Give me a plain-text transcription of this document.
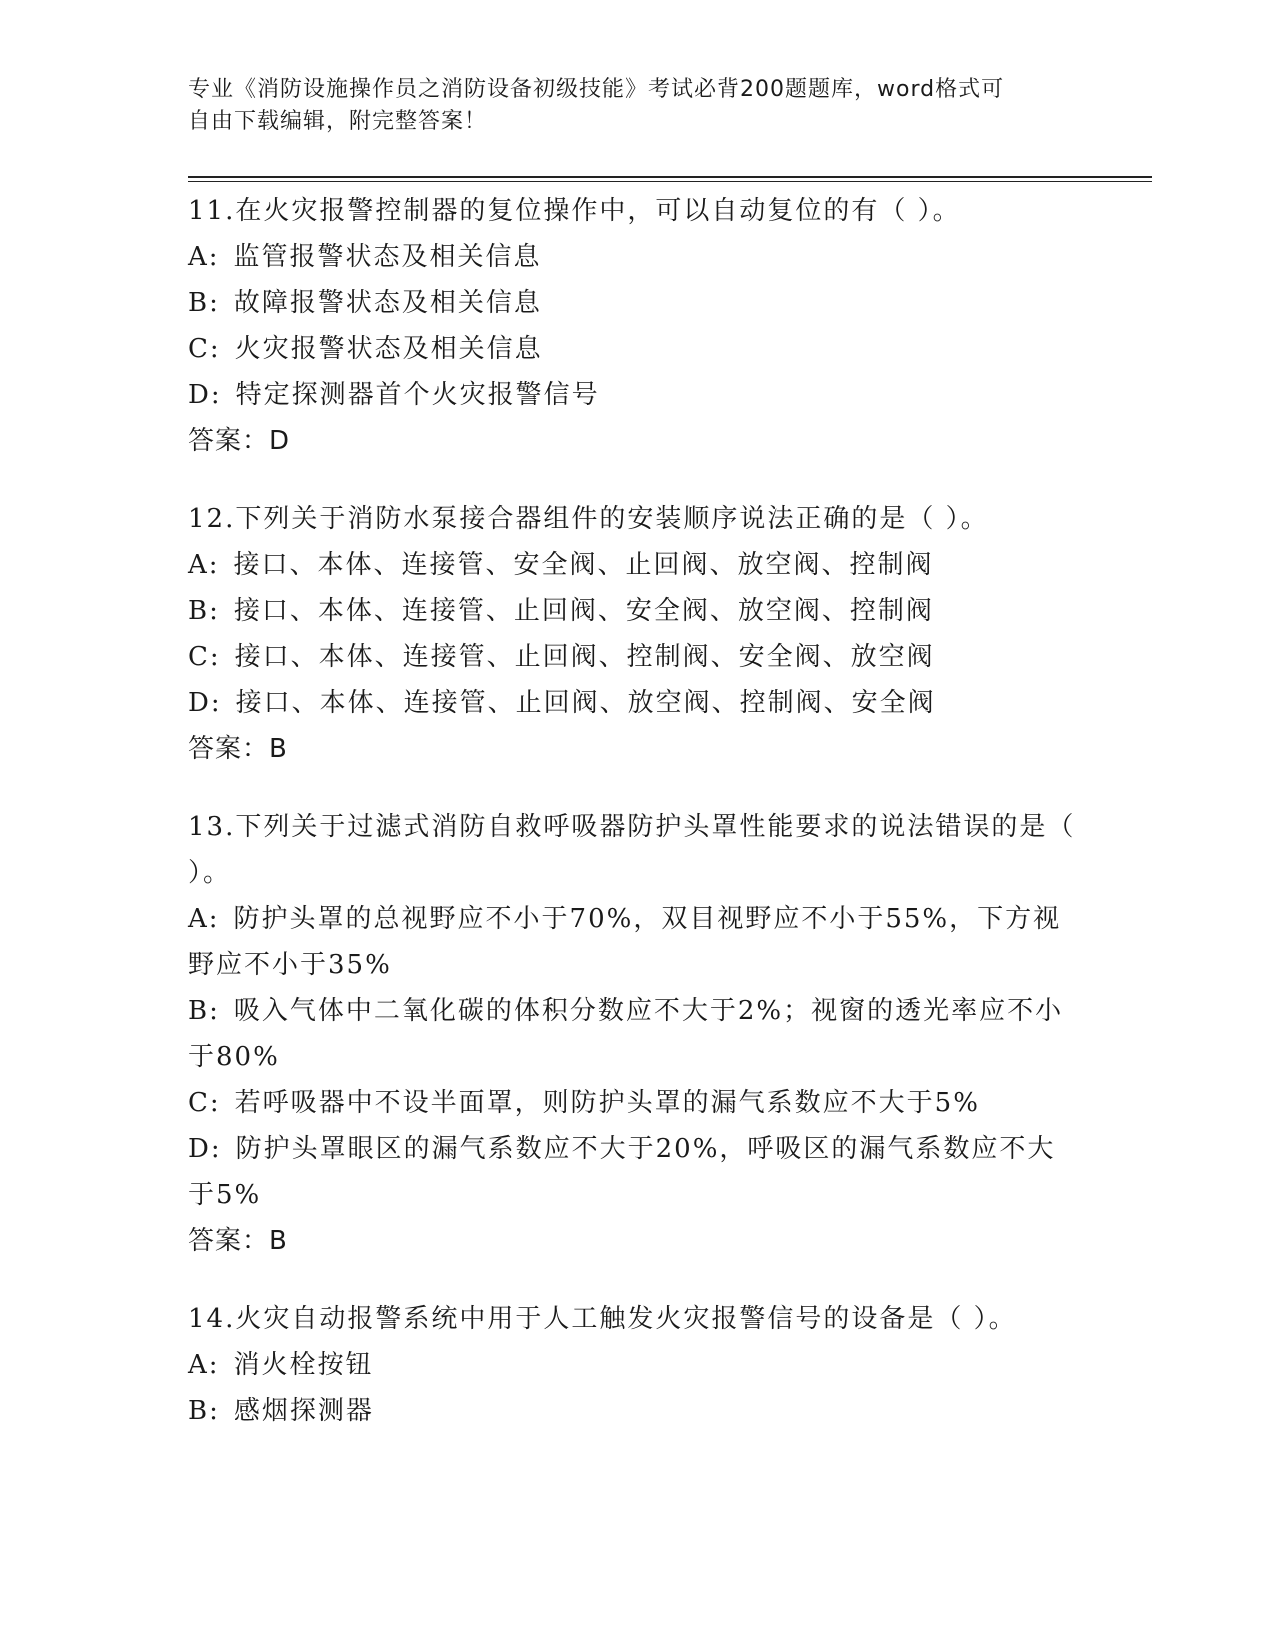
专业《消防设施操作员之消防设备初级技能》考试必背200题题库，word格式可
自由下载编辑，附完整答案！
11.在火灾报警控制器的复位操作中，可以自动复位的有（ ）。
A: 监管报警状态及相关信息
B: 故障报警状态及相关信息
C: 火灾报警状态及相关信息
D: 特定探测器首个火灾报警信号
答案：D
12.下列关于消防水泵接合器组件的安装顺序说法正确的是（ ）。
A: 接口、本体、连接管、安全阀、止回阀、放空阀、控制阀
B: 接口、本体、连接管、止回阀、安全阀、放空阀、控制阀
C: 接口、本体、连接管、止回阀、控制阀、安全阀、放空阀
D: 接口、本体、连接管、止回阀、放空阀、控制阀、安全阀
答案：B
13.下列关于过滤式消防自救呼吸器防护头罩性能要求的说法错误的是（ ）。
A: 防护头罩的总视野应不小于70%，双目视野应不小于55%，下方视野应不小于35%
B: 吸入气体中二氧化碳的体积分数应不大于2%；视窗的透光率应不小于80%
C: 若呼吸器中不设半面罩，则防护头罩的漏气系数应不大于5%
D: 防护头罩眼区的漏气系数应不大于20%，呼吸区的漏气系数应不大于5%
答案：B
14.火灾自动报警系统中用于人工触发火灾报警信号的设备是（ ）。
A: 消火栓按钮
B: 感烟探测器
